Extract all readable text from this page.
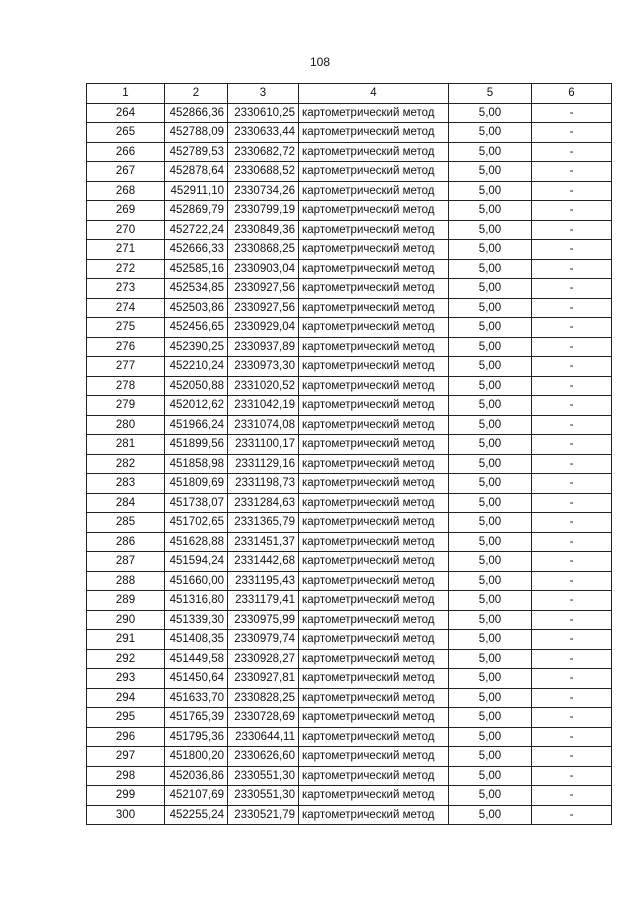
108
1	2	3	4	5	6
264	452866,36	2330610,25	картометрический метод	5,00	-
265	452788,09	2330633,44	картометрический метод	5,00	-
266	452789,53	2330682,72	картометрический метод	5,00	-
267	452878,64	2330688,52	картометрический метод	5,00	-
268	452911,10	2330734,26	картометрический метод	5,00	-
269	452869,79	2330799,19	картометрический метод	5,00	-
270	452722,24	2330849,36	картометрический метод	5,00	-
271	452666,33	2330868,25	картометрический метод	5,00	-
272	452585,16	2330903,04	картометрический метод	5,00	-
273	452534,85	2330927,56	картометрический метод	5,00	-
274	452503,86	2330927,56	картометрический метод	5,00	-
275	452456,65	2330929,04	картометрический метод	5,00	-
276	452390,25	2330937,89	картометрический метод	5,00	-
277	452210,24	2330973,30	картометрический метод	5,00	-
278	452050,88	2331020,52	картометрический метод	5,00	-
279	452012,62	2331042,19	картометрический метод	5,00	-
280	451966,24	2331074,08	картометрический метод	5,00	-
281	451899,56	2331100,17	картометрический метод	5,00	-
282	451858,98	2331129,16	картометрический метод	5,00	-
283	451809,69	2331198,73	картометрический метод	5,00	-
284	451738,07	2331284,63	картометрический метод	5,00	-
285	451702,65	2331365,79	картометрический метод	5,00	-
286	451628,88	2331451,37	картометрический метод	5,00	-
287	451594,24	2331442,68	картометрический метод	5,00	-
288	451660,00	2331195,43	картометрический метод	5,00	-
289	451316,80	2331179,41	картометрический метод	5,00	-
290	451339,30	2330975,99	картометрический метод	5,00	-
291	451408,35	2330979,74	картометрический метод	5,00	-
292	451449,58	2330928,27	картометрический метод	5,00	-
293	451450,64	2330927,81	картометрический метод	5,00	-
294	451633,70	2330828,25	картометрический метод	5,00	-
295	451765,39	2330728,69	картометрический метод	5,00	-
296	451795,36	2330644,11	картометрический метод	5,00	-
297	451800,20	2330626,60	картометрический метод	5,00	-
298	452036,86	2330551,30	картометрический метод	5,00	-
299	452107,69	2330551,30	картометрический метод	5,00	-
300	452255,24	2330521,79	картометрический метод	5,00	-
